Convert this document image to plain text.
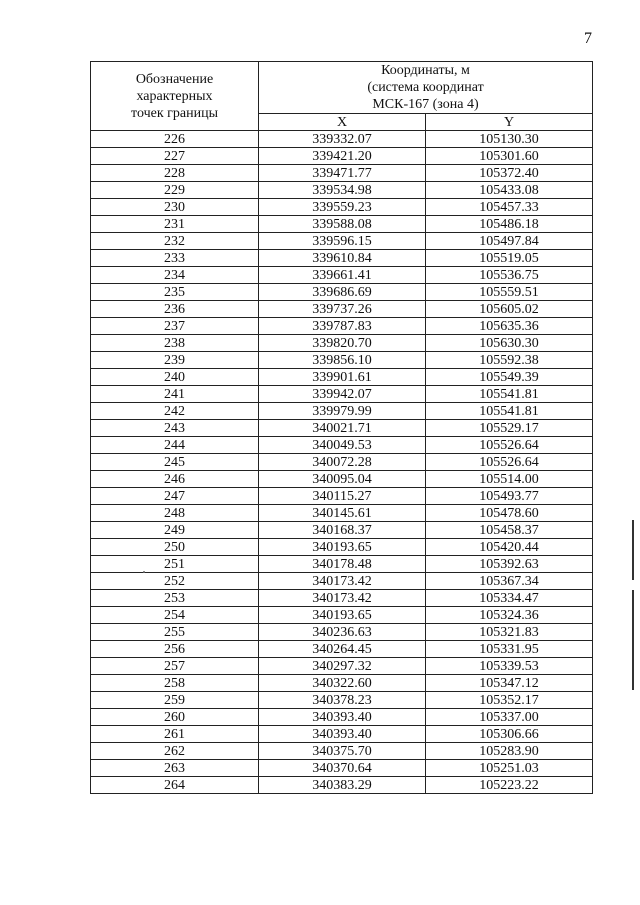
7
Обозначение
характерных
точек границы	Координаты, м
(система координат
МСК-167 (зона 4)	

	X	Y
226	339332.07	105130.30
227	339421.20	105301.60
228	339471.77	105372.40
229	339534.98	105433.08
230	339559.23	105457.33
231	339588.08	105486.18
232	339596.15	105497.84
233	339610.84	105519.05
234	339661.41	105536.75
235	339686.69	105559.51
236	339737.26	105605.02
237	339787.83	105635.36
238	339820.70	105630.30
239	339856.10	105592.38
240	339901.61	105549.39
241	339942.07	105541.81
242	339979.99	105541.81
243	340021.71	105529.17
244	340049.53	105526.64
245	340072.28	105526.64
246	340095.04	105514.00
247	340115.27	105493.77
248	340145.61	105478.60
249	340168.37	105458.37
250	340193.65	105420.44
251	340178.48	105392.63
252	340173.42	105367.34
253	340173.42	105334.47
254	340193.65	105324.36
255	340236.63	105321.83
256	340264.45	105331.95
257	340297.32	105339.53
258	340322.60	105347.12
259	340378.23	105352.17
260	340393.40	105337.00
261	340393.40	105306.66
262	340375.70	105283.90
263	340370.64	105251.03
264	340383.29	105223.22
